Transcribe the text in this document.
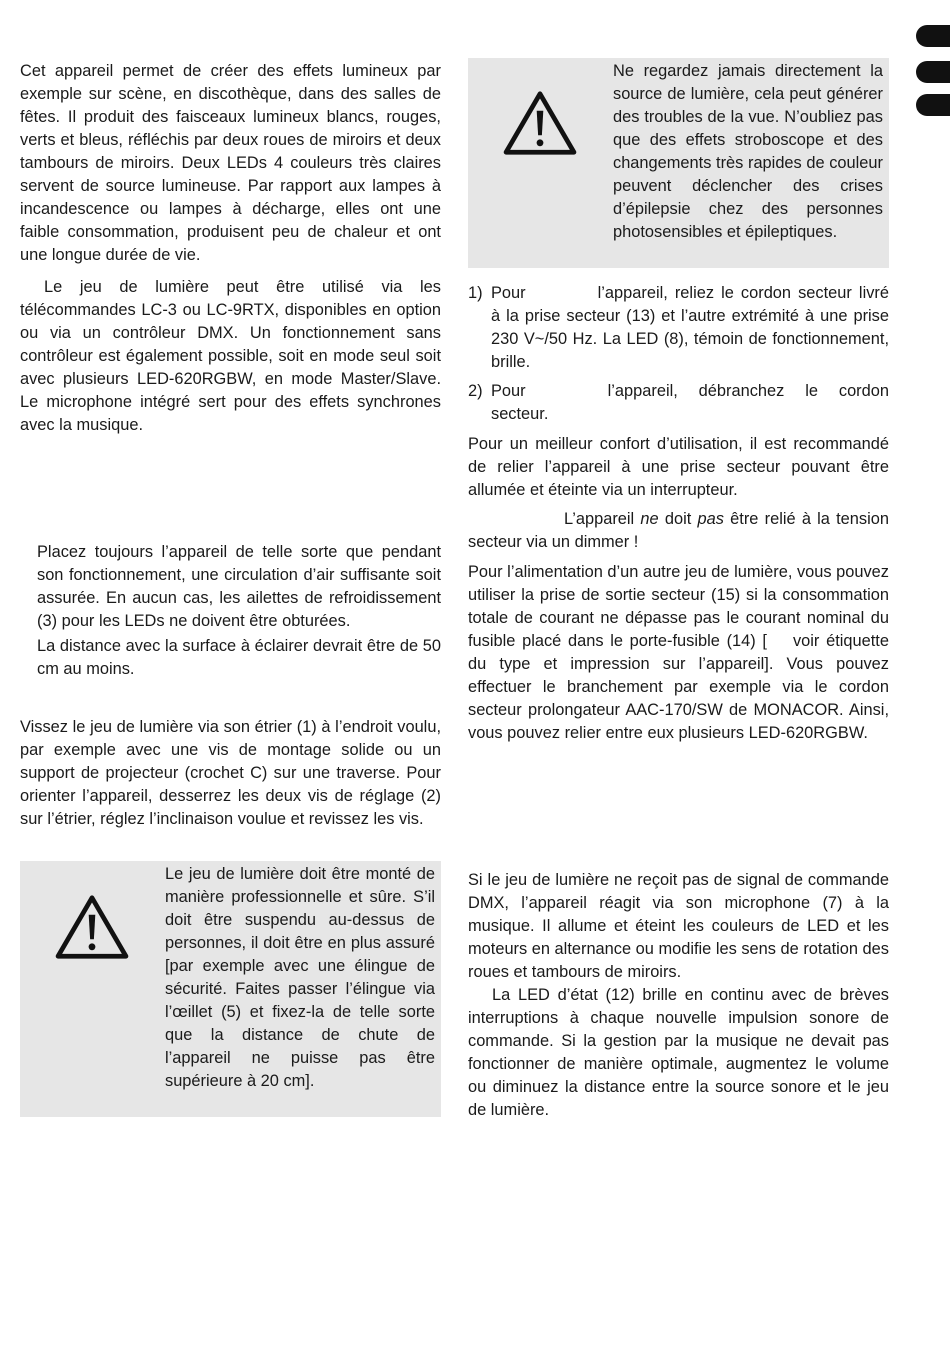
Cet appareil permet de créer des effets lumineux par exemple sur scène, en discothèque, dans des salles de fêtes. Il produit des faisceaux lumineux blancs, rouges, verts et bleus, réfléchis par deux roues de miroirs et deux tambours de miroirs. Deux LEDs 4 couleurs très claires servent de source lumineuse. Par rapport aux lampes à incandescence ou lampes à décharge, elles ont une faible consommation, produisent peu de chaleur et ont une longue durée de vie.

Le jeu de lumière peut être utilisé via les télécommandes LC-3 ou LC-9RTX, disponibles en option ou via un contrôleur DMX. Un fonctionnement sans contrôleur est également possible, soit en mode seul soit avec plusieurs LED-620RGBW, en mode Master/Slave. Le microphone intégré sert pour des effets synchrones avec la musique.

Placez toujours l’appareil de telle sorte que pendant son fonctionnement, une circulation d’air suffisante soit assurée. En aucun cas, les ailettes de refroidissement (3) pour les LEDs ne doivent être obturées.

La distance avec la surface à éclairer devrait être de 50 cm au moins.

Vissez le jeu de lumière via son étrier (1) à l’endroit voulu, par exemple avec une vis de montage solide ou un support de projecteur (crochet C) sur une traverse. Pour orienter l’appareil, desserrez les deux vis de réglage (2) sur l’étrier, réglez l’inclinaison voulue et revissez les vis.

Le jeu de lumière doit être monté de manière professionnelle et sûre. S’il doit être suspendu au-dessus de personnes, il doit être en plus assuré [par exemple avec une élingue de sécurité. Faites passer l’élingue via l’œillet (5) et fixez-la de telle sorte que la distance de chute de l’appareil ne puisse pas être supérieure à 20 cm].
Ne regardez jamais directement la source de lumière, cela peut générer des troubles de la vue. N’oubliez pas que des effets stroboscope et des changements très rapides de couleur peuvent déclencher des crises d’épilepsie chez des personnes photosensibles et épileptiques.
1) Pour	l’appareil, reliez le cordon secteur livré à la prise secteur (13) et l’autre extrémité à une prise 230 V~/50 Hz. La LED (8), témoin de fonctionnement, brille.

2) Pour	l’appareil, débranchez le cordon secteur.

Pour un meilleur confort d’utilisation, il est recommandé de relier l’appareil à une prise secteur pouvant être allumée et éteinte via un interrupteur.

L’appareil ne doit pas être relié à la tension secteur via un dimmer !

Pour l’alimentation d’un autre jeu de lumière, vous pouvez utiliser la prise de sortie secteur (15) si la consommation totale de courant ne dépasse pas le courant nominal du fusible placé dans le porte-fusible (14) [ voir étiquette du type et impression sur l’appareil]. Vous pouvez effectuer le branchement par exemple via le cordon secteur prolongateur AAC-170/SW de MONACOR. Ainsi, vous pouvez relier entre eux plusieurs LED-620RGBW.

Si le jeu de lumière ne reçoit pas de signal de commande DMX, l’appareil réagit via son microphone (7) à la musique. Il allume et éteint les couleurs de LED et les moteurs en alternance ou modifie les sens de rotation des roues et tambours de miroirs.

La LED d’état (12) brille en continu avec de brèves interruptions à chaque nouvelle impulsion sonore de commande. Si la gestion par la musique ne devait pas fonctionner de manière optimale, augmentez le volume ou diminuez la distance entre la source sonore et le jeu de lumière.
